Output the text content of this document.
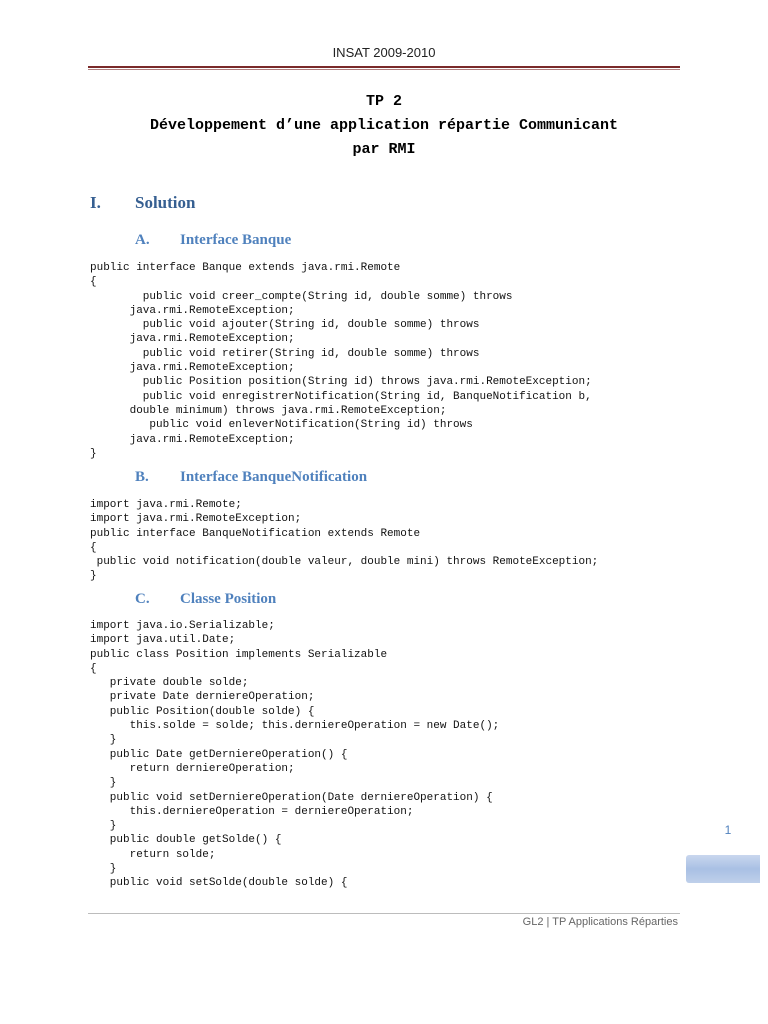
INSAT 2009-2010
TP 2
Développement d’une application répartie Communicant
par RMI
I. Solution
A. Interface Banque
public interface Banque extends java.rmi.Remote
{
public void creer_compte(String id, double somme) throws
java.rmi.RemoteException;
public void ajouter(String id, double somme) throws
java.rmi.RemoteException;
public void retirer(String id, double somme) throws
java.rmi.RemoteException;
public Position position(String id) throws java.rmi.RemoteException;
public void enregistrerNotification(String id, BanqueNotification b,
double minimum) throws java.rmi.RemoteException;
public void enleverNotification(String id) throws
java.rmi.RemoteException;
}
B. Interface BanqueNotification
import java.rmi.Remote;
import java.rmi.RemoteException;
public interface BanqueNotification extends Remote
{
public void notification(double valeur, double mini) throws RemoteException;
}
C. Classe Position
import java.io.Serializable;
import java.util.Date;
public class Position implements Serializable
{
private double solde;
private Date derniereOperation;
public Position(double solde) {
this.solde = solde; this.derniereOperation = new Date();
}
public Date getDerniereOperation() {
return derniereOperation;
}
public void setDerniereOperation(Date derniereOperation) {
this.derniereOperation = derniereOperation;
}
public double getSolde() {
return solde;
}
public void setSolde(double solde) {
1
GL2 | TP Applications Réparties
